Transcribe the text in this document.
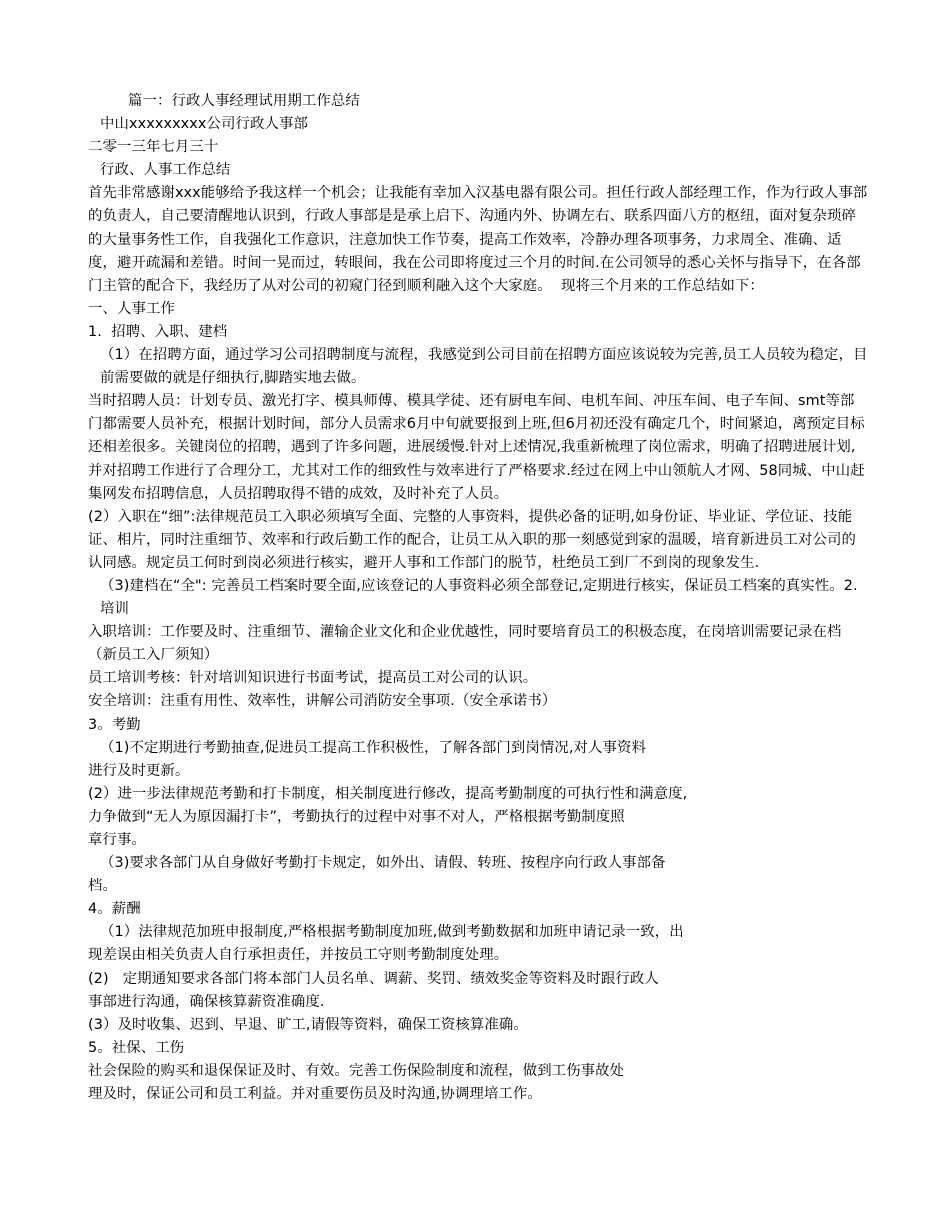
篇一：行政人事经理试用期工作总结

中山xxxxxxxxx公司行政人事部

二零一三年七月三十

行政、人事工作总结

首先非常感谢xxx能够给予我这样一个机会；让我能有幸加入汉基电器有限公司。担任行政人部经理工作，作为行政人事部的负责人，自己要清醒地认识到，行政人事部是是承上启下、沟通内外、协调左右、联系四面八方的枢纽，面对复杂琐碎的大量事务性工作，自我强化工作意识，注意加快工作节奏，提高工作效率，冷静办理各项事务，力求周全、准确、适度，避开疏漏和差错。时间一晃而过，转眼间，我在公司即将度过三个月的时间.在公司领导的悉心关怀与指导下，在各部门主管的配合下，我经历了从对公司的初窥门径到顺利融入这个大家庭。  现将三个月来的工作总结如下：

一、人事工作

1.  招聘、入职、建档

（1）在招聘方面，通过学习公司招聘制度与流程，我感觉到公司目前在招聘方面应该说较为完善,员工人员较为稳定，目前需要做的就是仔细执行,脚踏实地去做。

当时招聘人员：计划专员、激光打字、模具师傅、模具学徒、还有厨电车间、电机车间、冲压车间、电子车间、smt等部门都需要人员补充，根据计划时间，部分人员需求6月中旬就要报到上班,但6月初还没有确定几个，时间紧迫，离预定目标还相差很多。关键岗位的招聘，遇到了许多问题，进展缓慢.针对上述情况,我重新梳理了岗位需求，明确了招聘进展计划,并对招聘工作进行了合理分工，尤其对工作的细致性与效率进行了严格要求.经过在网上中山领航人才网、58同城、中山赶集网发布招聘信息，人员招聘取得不错的成效，及时补充了人员。

(2）入职在“细”:法律规范员工入职必须填写全面、完整的人事资料，提供必备的证明,如身份证、毕业证、学位证、技能证、相片，同时注重细节、效率和行政后勤工作的配合，让员工从入职的那一刻感觉到家的温暖，培育新进员工对公司的认同感。规定员工何时到岗必须进行核实，避开人事和工作部门的脱节，杜绝员工到厂不到岗的现象发生.

（3)建档在“全": 完善员工档案时要全面,应该登记的人事资料必须全部登记,定期进行核实，保证员工档案的真实性。2.培训

入职培训：工作要及时、注重细节、灌输企业文化和企业优越性，同时要培育员工的积极态度，在岗培训需要记录在档（新员工入厂须知）

员工培训考核：针对培训知识进行书面考试，提高员工对公司的认识。

安全培训：注重有用性、效率性，讲解公司消防安全事项.（安全承诺书）

3。考勤

（1)不定期进行考勤抽查,促进员工提高工作积极性，了解各部门到岗情况,对人事资料

进行及时更新。

(2）进一步法律规范考勤和打卡制度，相关制度进行修改，提高考勤制度的可执行性和满意度,

力争做到“无人为原因漏打卡”，考勤执行的过程中对事不对人，严格根据考勤制度照

章行事。

（3)要求各部门从自身做好考勤打卡规定，如外出、请假、转班、按程序向行政人事部备

档。

4。薪酬

（1）法律规范加班申报制度,严格根据考勤制度加班,做到考勤数据和加班申请记录一致，出

现差误由相关负责人自行承担责任，并按员工守则考勤制度处理。

(2)   定期通知要求各部门将本部门人员名单、调薪、奖罚、绩效奖金等资料及时跟行政人

事部进行沟通，确保核算薪资准确度.

(3）及时收集、迟到、早退、旷工,请假等资料，确保工资核算准确。

5。社保、工伤

社会保险的购买和退保保证及时、有效。完善工伤保险制度和流程，做到工伤事故处

理及时，保证公司和员工利益。并对重要伤员及时沟通,协调理培工作。
